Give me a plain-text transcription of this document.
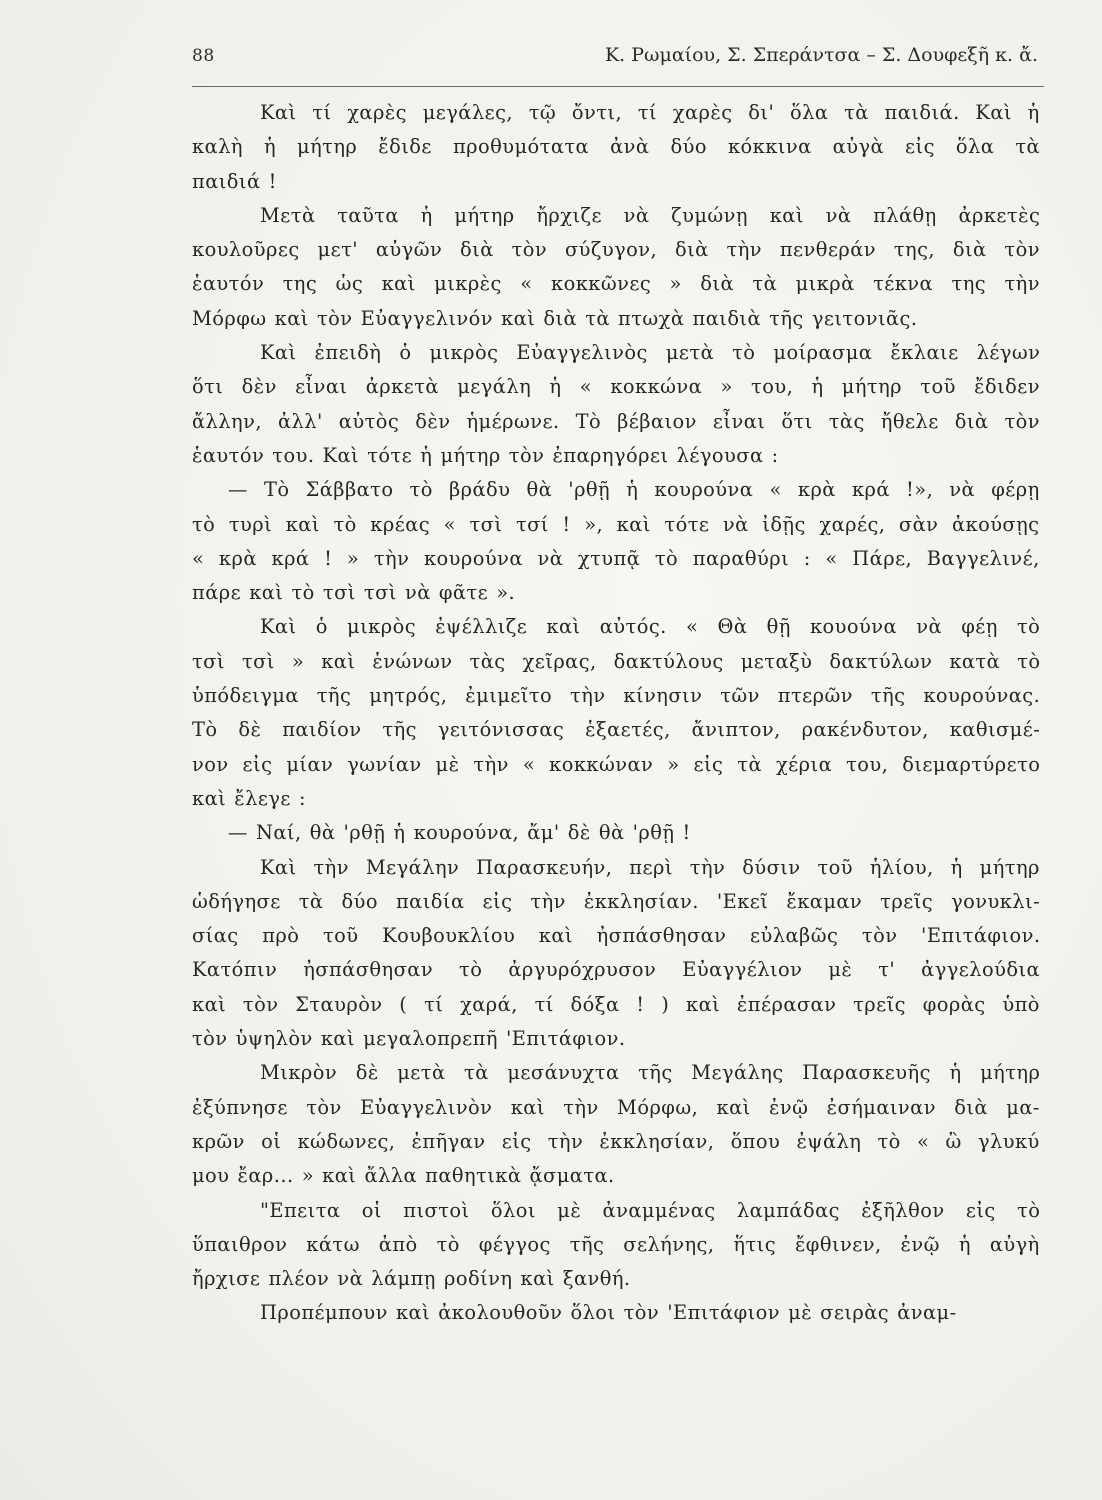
88	Κ. Ρωμαίου, Σ. Σπεράντσα – Σ. Δουφεξῆ κ. ἄ.
Καὶ τί χαρὲς μεγάλες, τῷ ὄντι, τί χαρὲς δι' ὅλα τὰ παιδιά. Καὶ ἡ
καλὴ ἡ μήτηρ ἔδιδε προθυμότατα ἀνὰ δύο κόκκινα αὐγὰ εἰς ὅλα τὰ
παιδιά !
Μετὰ ταῦτα ἡ μήτηρ ἤρχιζε νὰ ζυμώνῃ καὶ νὰ πλάθῃ ἀρκετὲς
κουλοῦρες μετ' αὐγῶν διὰ τὸν σύζυγον, διὰ τὴν πενθεράν της, διὰ τὸν
ἑαυτόν της ὡς καὶ μικρὲς « κοκκῶνες » διὰ τὰ μικρὰ τέκνα της τὴν
Μόρφω καὶ τὸν Εὐαγγελινόν καὶ διὰ τὰ πτωχὰ παιδιὰ τῆς γειτονιᾶς.
Καὶ ἐπειδὴ ὁ μικρὸς Εὐαγγελινὸς μετὰ τὸ μοίρασμα ἔκλαιε λέγων
ὅτι δὲν εἶναι ἀρκετὰ μεγάλη ἡ « κοκκώνα » του, ἡ μήτηρ τοῦ ἔδιδεν
ἄλλην, ἀλλ' αὐτὸς δὲν ἡμέρωνε. Τὸ βέβαιον εἶναι ὅτι τὰς ἤθελε διὰ τὸν
ἑαυτόν του. Καὶ τότε ἡ μήτηρ τὸν ἐπαρηγόρει λέγουσα :
— Τὸ Σάββατο τὸ βράδυ θὰ 'ρθῇ ἡ κουρούνα « κρὰ κρά !», νὰ φέρῃ
τὸ τυρὶ καὶ τὸ κρέας « τσὶ τσί ! », καὶ τότε νὰ ἰδῇς χαρές, σὰν ἀκούσῃς
« κρὰ κρά ! » τὴν κουρούνα νὰ χτυπᾷ τὸ παραθύρι : « Πάρε, Βαγγελινέ,
πάρε καὶ τὸ τσὶ τσὶ νὰ φᾶτε ».
Καὶ ὁ μικρὸς ἐψέλλιζε καὶ αὐτός. « Θὰ θῇ κουούνα νὰ φέῃ τὸ
τσὶ τσὶ » καὶ ἑνώνων τὰς χεῖρας, δακτύλους μεταξὺ δακτύλων κατὰ τὸ
ὑπόδειγμα τῆς μητρός, ἐμιμεῖτο τὴν κίνησιν τῶν πτερῶν τῆς κουρούνας.
Τὸ δὲ παιδίον τῆς γειτόνισσας ἑξαετές, ἄνιπτον, ρακένδυτον, καθισμέ-
νον εἰς μίαν γωνίαν μὲ τὴν « κοκκώναν » εἰς τὰ χέρια του, διεμαρτύρετο
καὶ ἔλεγε :
— Ναί, θὰ 'ρθῇ ἡ κουρούνα, ἄμ' δὲ θὰ 'ρθῇ !
Καὶ τὴν Μεγάλην Παρασκευήν, περὶ τὴν δύσιν τοῦ ἡλίου, ἡ μήτηρ
ὡδήγησε τὰ δύο παιδία εἰς τὴν ἐκκλησίαν. 'Εκεῖ ἔκαμαν τρεῖς γονυκλι-
σίας πρὸ τοῦ Κουβουκλίου καὶ ἠσπάσθησαν εὐλαβῶς τὸν 'Επιτάφιον.
Κατόπιν ἠσπάσθησαν τὸ ἀργυρόχρυσον Εὐαγγέλιον μὲ τ' ἀγγελούδια
καὶ τὸν Σταυρὸν ( τί χαρά, τί δόξα ! ) καὶ ἐπέρασαν τρεῖς φορὰς ὑπὸ
τὸν ὑψηλὸν καὶ μεγαλοπρεπῆ 'Επιτάφιον.
Μικρὸν δὲ μετὰ τὰ μεσάνυχτα τῆς Μεγάλης Παρασκευῆς ἡ μήτηρ
ἐξύπνησε τὸν Εὐαγγελινὸν καὶ τὴν Μόρφω, καὶ ἐνῷ ἐσήμαιναν διὰ μα-
κρῶν οἱ κώδωνες, ἐπῆγαν εἰς τὴν ἐκκλησίαν, ὅπου ἐψάλη τὸ « ὢ γλυκύ
μου ἔαρ... » καὶ ἄλλα παθητικὰ ᾄσματα.
"Επειτα οἱ πιστοὶ ὅλοι μὲ ἀναμμένας λαμπάδας ἐξῆλθον εἰς τὸ
ὕπαιθρον κάτω ἀπὸ τὸ φέγγος τῆς σελήνης, ἥτις ἔφθινεν, ἐνῷ ἡ αὐγὴ
ἤρχισε πλέον νὰ λάμπῃ ροδίνη καὶ ξανθή.
Προπέμπουν καὶ ἀκολουθοῦν ὅλοι τὸν 'Επιτάφιον μὲ σειρὰς ἀναμ-
